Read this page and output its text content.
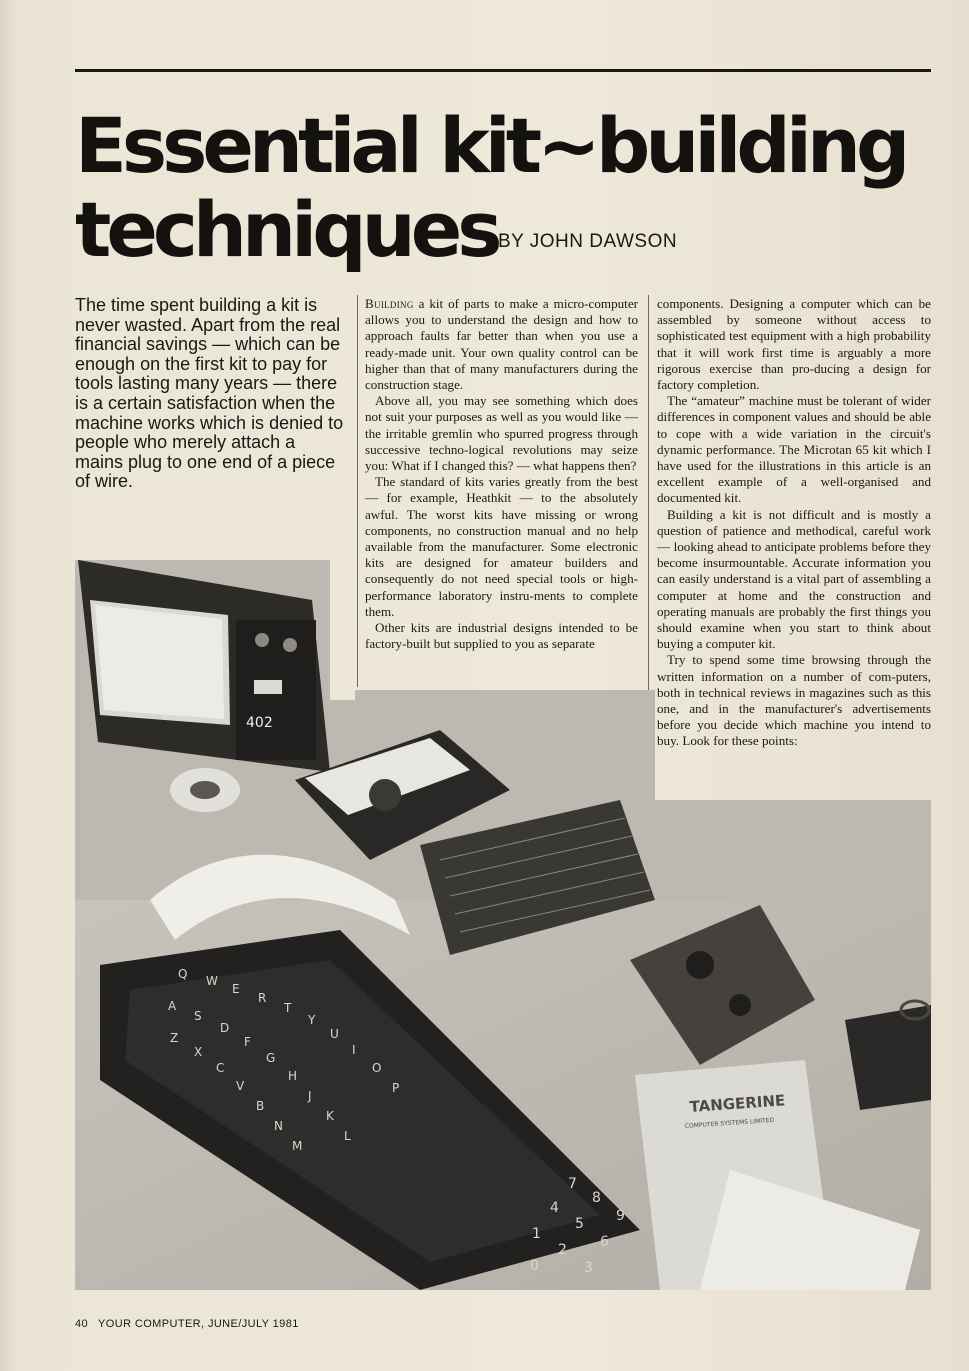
Essential kit~building
techniques BY JOHN DAWSON

The time spent building a kit is never wasted. Apart from the real financial savings — which can be enough on the first kit to pay for tools lasting many years — there is a certain satisfaction when the machine works which is denied to people who merely attach a mains plug to one end of a piece of wire.

Building a kit of parts to make a micro-computer allows you to understand the design and how to approach faults far better than when you use a ready-made unit. Your own quality control can be higher than that of many manufacturers during the construction stage.

Above all, you may see something which does not suit your purposes as well as you would like — the irritable gremlin who spurred progress through successive techno-logical revolutions may seize you: What if I changed this? — what happens then?

The standard of kits varies greatly from the best — for example, Heathkit — to the absolutely awful. The worst kits have missing or wrong components, no construction manual and no help available from the manufacturer. Some electronic kits are designed for amateur builders and consequently do not need special tools or high-performance laboratory instru-ments to complete them.

Other kits are industrial designs intended to be factory-built but supplied to you as separate

components. Designing a computer which can be assembled by someone without access to sophisticated test equipment with a high probability that it will work first time is arguably a more rigorous exercise than pro-ducing a design for factory completion.

The “amateur” machine must be tolerant of wider differences in component values and should be able to cope with a wide variation in the circuit's dynamic performance. The Microtan 65 kit which I have used for the illustrations in this article is an excellent example of a well-organised and documented kit.

Building a kit is not difficult and is mostly a question of patience and methodical, careful work — looking ahead to anticipate problems before they become insurmountable. Accurate information you can easily understand is a vital part of assembling a computer at home and the construction and operating manuals are probably the first things you should examine when you start to think about buying a computer kit.

Try to spend some time browsing through the written information on a number of com-puters, both in technical reviews in magazines such as this one, and in the manufacturer's advertisements before you decide which machine you intend to buy. Look for these points:

402
Q W
E
R
T
Y
U
I
O
P
A
S
D
F
G
H
J
K
L
Z
X
C
V
B
N
M
7
8
9
4
5
6
1
2
3
0
TANGERINE
COMPUTER SYSTEMS LIMITED
40 YOUR COMPUTER, JUNE/JULY 1981
